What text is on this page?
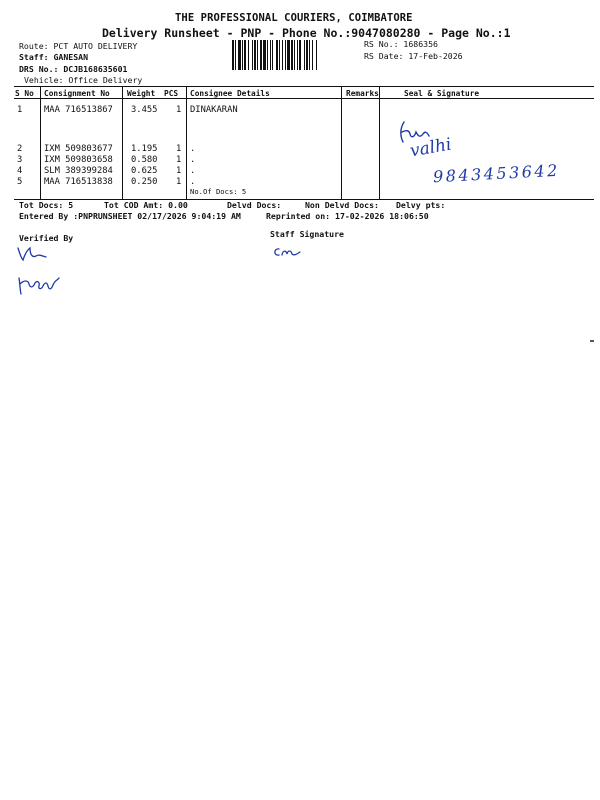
THE PROFESSIONAL COURIERS, COIMBATORE
Delivery Runsheet - PNP - Phone No.:9047080280 - Page No.:1
Route: PCT AUTO DELIVERY
Staff: GANESAN
DRS No.: DCJB168635601
Vehicle: Office Delivery
RS No.: 1686356
RS Date: 17-Feb-2026
S No Consignment No Weight PCS Consignee Details	Remarks	Seal & Signature
1 MAA 716513867 3.455 1 DINAKARAN
2 IXM 509803677 1.195 1 .
3 IXM 509803658 0.580 1 .
4 SLM 389399284 0.625 1 .
5 MAA 716513838 0.250 1 .
No.Of Docs: 5
valhi
9843453642
Tot Docs: 5	Tot COD Amt: 0.00	Delvd Docs:	Non Delvd Docs: Delvy pts:
Entered By :PNPRUNSHEET 02/17/2026 9:04:19 AM	Reprinted on: 17-02-2026 18:06:50
Verified By	Staff Signature
